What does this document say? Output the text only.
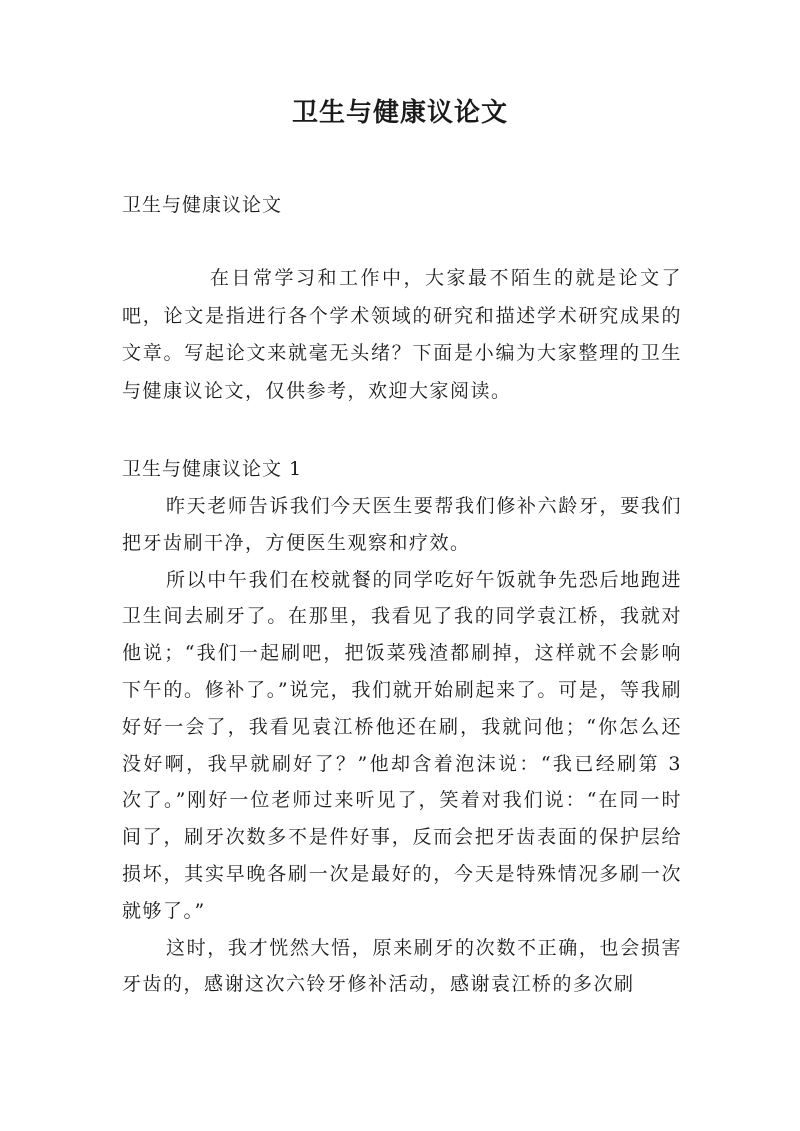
卫生与健康议论文

卫生与健康议论文

在日常学习和工作中，大家最不陌生的就是论文了吧，论文是指进行各个学术领域的研究和描述学术研究成果的文章。写起论文来就毫无头绪？下面是小编为大家整理的卫生与健康议论文，仅供参考，欢迎大家阅读。

卫生与健康议论文 1

昨天老师告诉我们今天医生要帮我们修补六龄牙，要我们把牙齿刷干净，方便医生观察和疗效。

所以中午我们在校就餐的同学吃好午饭就争先恐后地跑进卫生间去刷牙了。在那里，我看见了我的同学袁江桥，我就对他说；“我们一起刷吧，把饭菜残渣都刷掉，这样就不会影响下午的。修补了。”说完，我们就开始刷起来了。可是，等我刷好好一会了，我看见袁江桥他还在刷，我就问他；“你怎么还没好啊，我早就刷好了？”他却含着泡沫说：“我已经刷第 3 次了。”刚好一位老师过来听见了，笑着对我们说：“在同一时间了，刷牙次数多不是件好事，反而会把牙齿表面的保护层给损坏，其实早晚各刷一次是最好的，今天是特殊情况多刷一次就够了。”

这时，我才恍然大悟，原来刷牙的次数不正确，也会损害牙齿的，感谢这次六铃牙修补活动，感谢袁江桥的多次刷
